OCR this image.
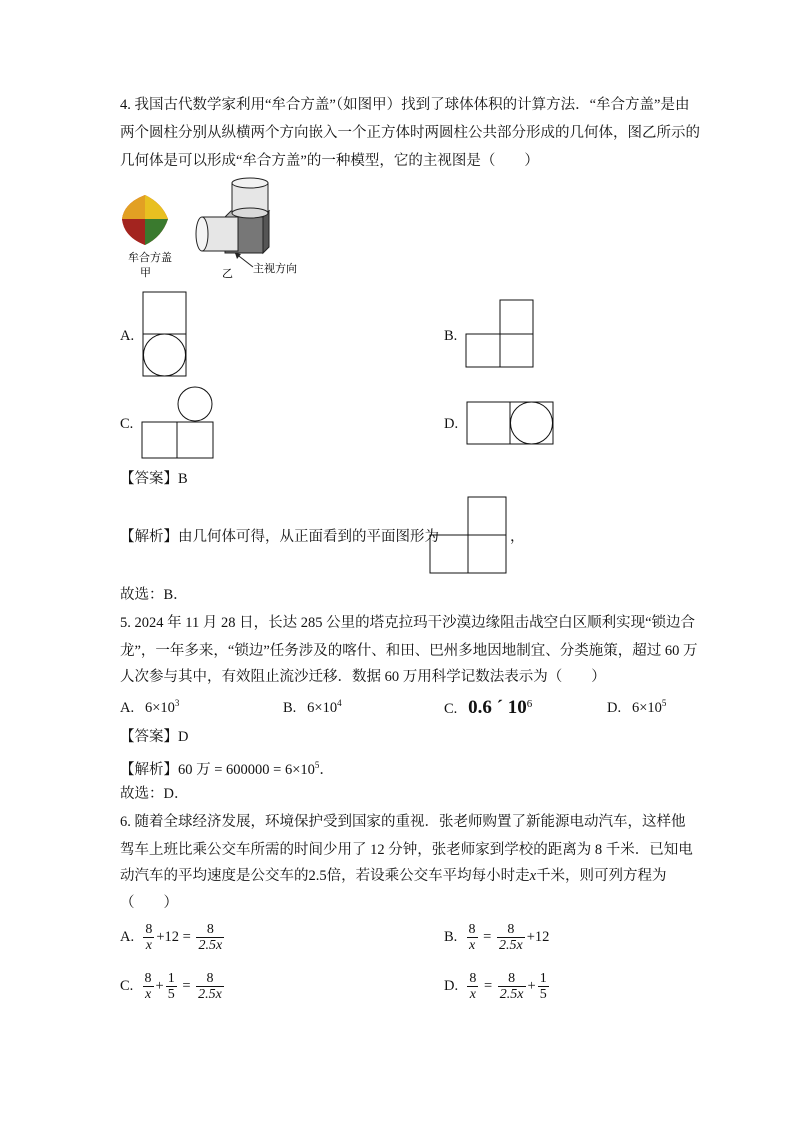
4. 我国古代数学家利用“牟合方盖”（如图甲）找到了球体体积的计算方法．“牟合方盖”是由
两个圆柱分别从纵横两个方向嵌入一个正方体时两圆柱公共部分形成的几何体，图乙所示的
几何体是可以形成“牟合方盖”的一种模型，它的主视图是（　　）
牟合方盖
甲	乙 主视方向
A.	B.
C.	D.
【答案】B
【解析】由几何体可得，从正面看到的平面图形为	，
故选：B．
5. 2024 年 11 月 28 日，长达 285 公里的塔克拉玛干沙漠边缘阻击战空白区顺利实现“锁边合
龙”，一年多来，“锁边”任务涉及的喀什、和田、巴州多地因地制宜、分类施策，超过 60 万
人次参与其中，有效阻止流沙迁移．数据 60 万用科学记数法表示为（　　）
A. $6\times 10^3$	B. $6\times 10^4$	C. 0.6 ´ $10^6$	D. $6\times 10^5$
【答案】D
【解析】60 万 = $600000 = 6\times 10^5$．
故选：D．
6. 随着全球经济发展，环境保护受到国家的重视．张老师购置了新能源电动汽车，这样他
驾车上班比乘公交车所需的时间少用了 12 分钟，张老师家到学校的距离为 8 千米．已知电
动汽车的平均速度是公交车的2.5倍，若设乘公交车平均每小时走x千米，则可列方程为
（　　）
A. $\frac{8}{x} +12 = \frac{8}{2.5x}$	B. $\frac{8}{x} = \frac{8}{2.5x} +12$
C. $\frac{8}{x} + \frac{1}{5} = \frac{8}{2.5x}$	D. $\frac{8}{x} = \frac{8}{2.5x} + \frac{1}{5}$
